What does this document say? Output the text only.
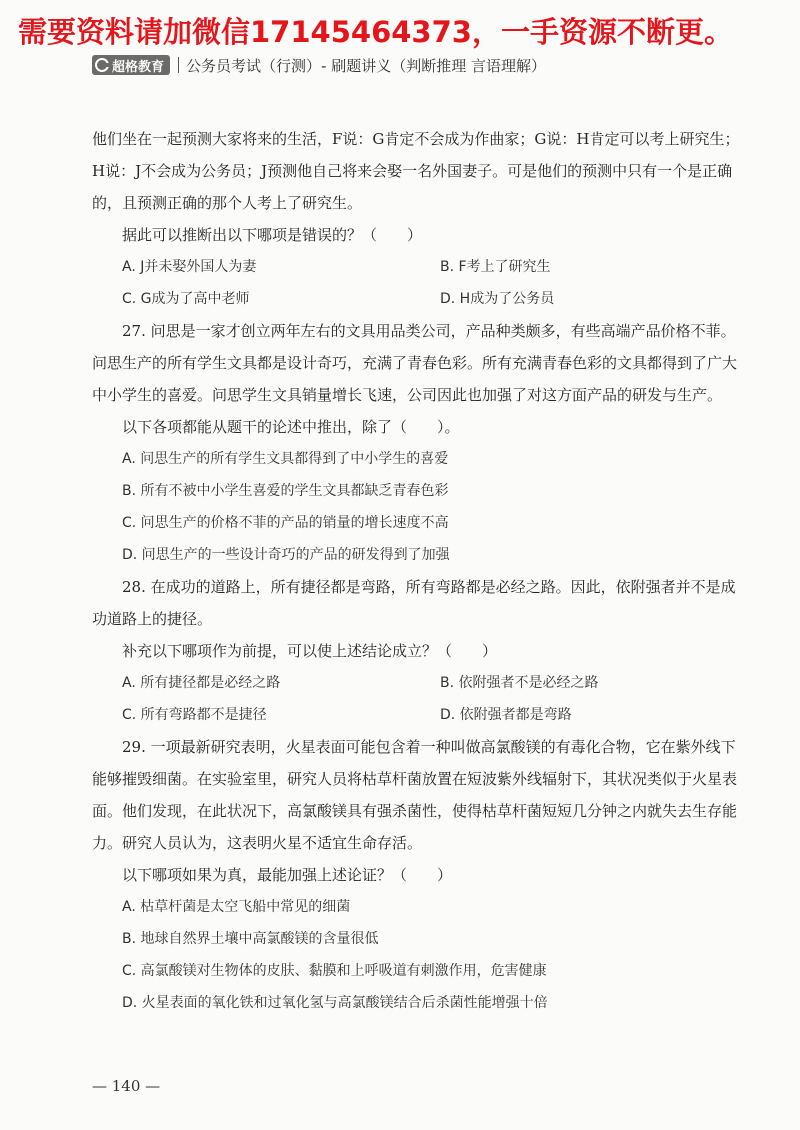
需要资料请加微信17145464373，一手资源不断更。
超格教育 公务员考试（行测）- 刷题讲义（判断推理 言语理解）

他们坐在一起预测大家将来的生活，F说：G肯定不会成为作曲家；G说：H肯定可以考上研究生；H说：J不会成为公务员；J预测他自己将来会娶一名外国妻子。可是他们的预测中只有一个是正确的，且预测正确的那个人考上了研究生。

据此可以推断出以下哪项是错误的？（　　）

A. J并未娶外国人为妻	B. F考上了研究生
C. G成为了高中老师	D. H成为了公务员

27. 问思是一家才创立两年左右的文具用品类公司，产品种类颇多，有些高端产品价格不菲。问思生产的所有学生文具都是设计奇巧，充满了青春色彩。所有充满青春色彩的文具都得到了广大中小学生的喜爱。问思学生文具销量增长飞速，公司因此也加强了对这方面产品的研发与生产。

以下各项都能从题干的论述中推出，除了（　　）。

A. 问思生产的所有学生文具都得到了中小学生的喜爱

B. 所有不被中小学生喜爱的学生文具都缺乏青春色彩

C. 问思生产的价格不菲的产品的销量的增长速度不高

D. 问思生产的一些设计奇巧的产品的研发得到了加强

28. 在成功的道路上，所有捷径都是弯路，所有弯路都是必经之路。因此，依附强者并不是成功道路上的捷径。

补充以下哪项作为前提，可以使上述结论成立？（　　）

A. 所有捷径都是必经之路	B. 依附强者不是必经之路
C. 所有弯路都不是捷径	D. 依附强者都是弯路

29. 一项最新研究表明，火星表面可能包含着一种叫做高氯酸镁的有毒化合物，它在紫外线下能够摧毁细菌。在实验室里，研究人员将枯草杆菌放置在短波紫外线辐射下，其状况类似于火星表面。他们发现，在此状况下，高氯酸镁具有强杀菌性，使得枯草杆菌短短几分钟之内就失去生存能力。研究人员认为，这表明火星不适宜生命存活。

以下哪项如果为真，最能加强上述论证？（　　）

A. 枯草杆菌是太空飞船中常见的细菌

B. 地球自然界土壤中高氯酸镁的含量很低

C. 高氯酸镁对生物体的皮肤、黏膜和上呼吸道有刺激作用，危害健康

D. 火星表面的氧化铁和过氧化氢与高氯酸镁结合后杀菌性能增强十倍

— 140 —
